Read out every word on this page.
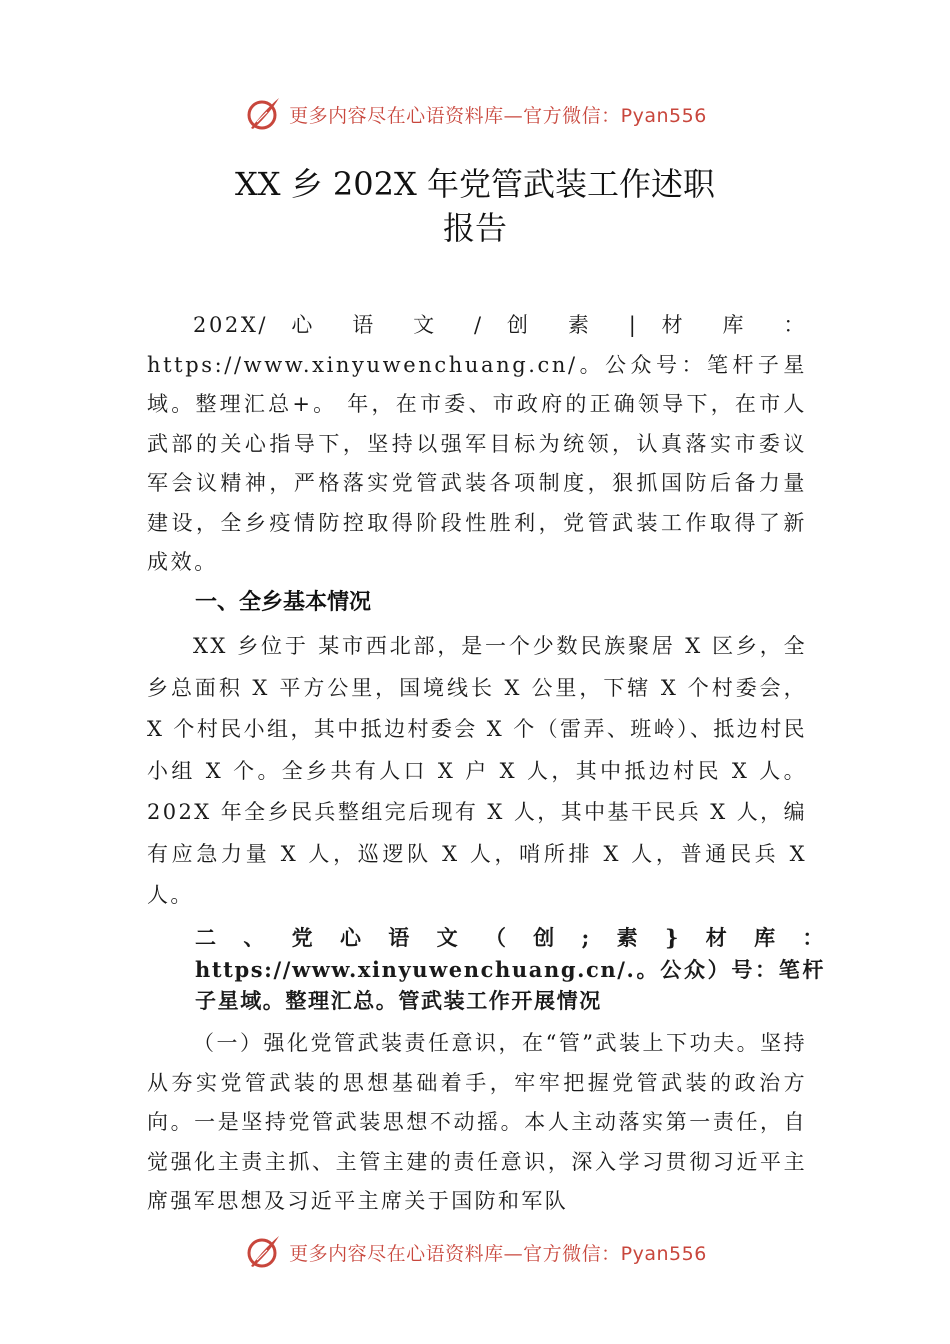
更多内容尽在心语资料库—官方微信：Pyan556
XX 乡 202X 年党管武装工作述职
报告

202X/ 心 语 文 / 创 素 | 材 库 ： https://www.xinyuwenchuang.cn/。公众号：笔杆子星域。整理汇总+。 年，在市委、市政府的正确领导下，在市人武部的关心指导下，坚持以强军目标为统领，认真落实市委议军会议精神，严格落实党管武装各项制度，狠抓国防后备力量建设，全乡疫情防控取得阶段性胜利，党管武装工作取得了新成效。

一、全乡基本情况

XX 乡位于 某市西北部，是一个少数民族聚居 X 区乡，全乡总面积 X 平方公里，国境线长 X 公里，下辖 X 个村委会，X 个村民小组，其中抵边村委会 X 个（雷弄、班岭）、抵边村民小组 X 个。全乡共有人口 X 户 X 人，其中抵边村民 X 人。202X 年全乡民兵整组完后现有 X 人，其中基干民兵 X 人，编有应急力量 X 人，巡逻队 X 人，哨所排 X 人，普通民兵 X 人。

二、党心语文（创;素}材库：https://www.xinyuwenchuang.cn/.。公众）号：笔杆子星域。整理汇总。管武装工作开展情况

（一）强化党管武装责任意识，在“管”武装上下功夫。坚持从夯实党管武装的思想基础着手，牢牢把握党管武装的政治方向。一是坚持党管武装思想不动摇。本人主动落实第一责任，自觉强化主责主抓、主管主建的责任意识，深入学习贯彻习近平主席强军思想及习近平主席关于国防和军队

更多内容尽在心语资料库—官方微信：Pyan556
